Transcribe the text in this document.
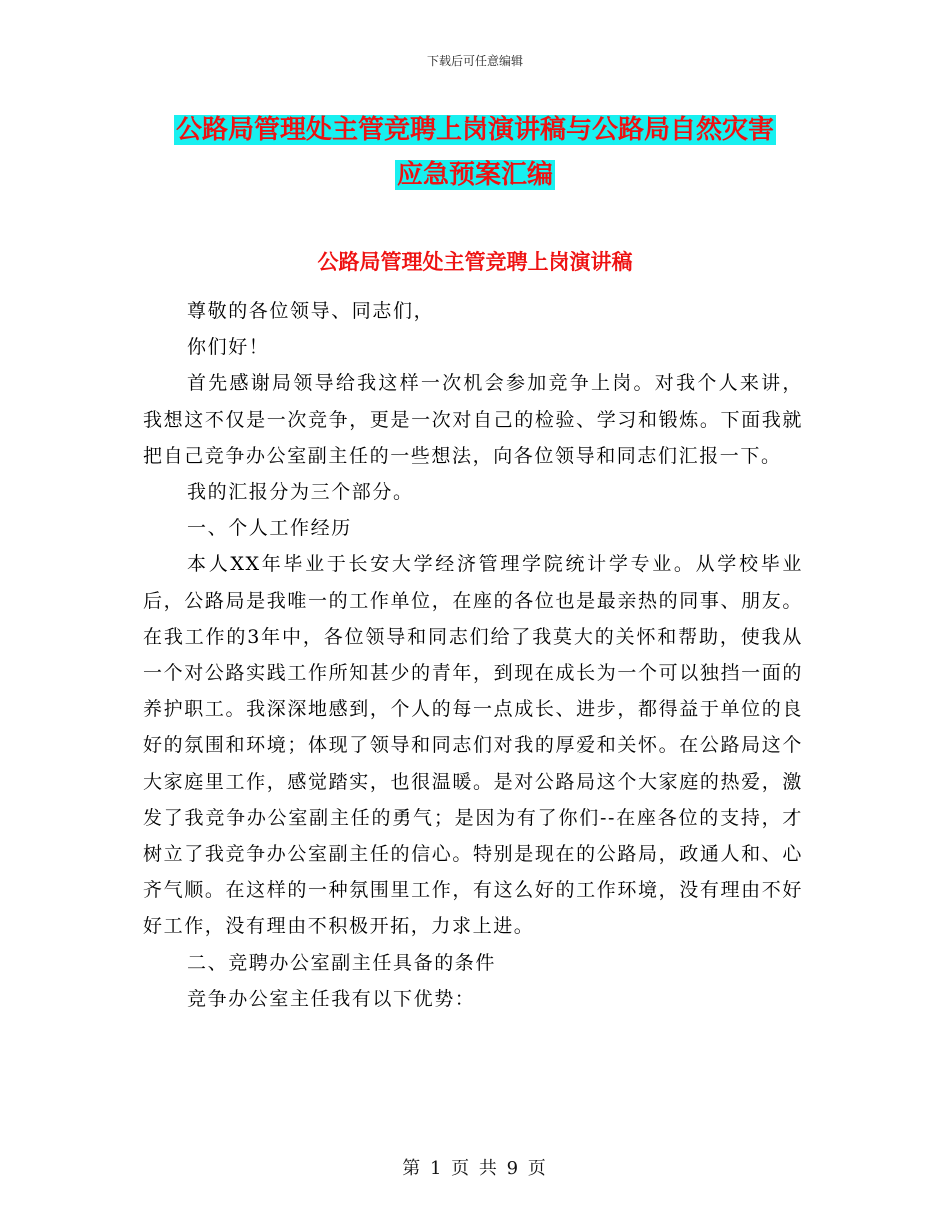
下载后可任意编辑
公路局管理处主管竞聘上岗演讲稿与公路局自然灾害
应急预案汇编
公路局管理处主管竞聘上岗演讲稿

尊敬的各位领导、同志们，

你们好！

首先感谢局领导给我这样一次机会参加竞争上岗。对我个人来讲，我想这不仅是一次竞争，更是一次对自己的检验、学习和锻炼。下面我就把自己竞争办公室副主任的一些想法，向各位领导和同志们汇报一下。

我的汇报分为三个部分。

一、个人工作经历

本人XX年毕业于长安大学经济管理学院统计学专业。从学校毕业后，公路局是我唯一的工作单位，在座的各位也是最亲热的同事、朋友。在我工作的3年中，各位领导和同志们给了我莫大的关怀和帮助，使我从一个对公路实践工作所知甚少的青年，到现在成长为一个可以独挡一面的养护职工。我深深地感到，个人的每一点成长、进步，都得益于单位的良好的氛围和环境；体现了领导和同志们对我的厚爱和关怀。在公路局这个大家庭里工作，感觉踏实，也很温暖。是对公路局这个大家庭的热爱，激发了我竞争办公室副主任的勇气；是因为有了你们--在座各位的支持，才树立了我竞争办公室副主任的信心。特别是现在的公路局，政通人和、心齐气顺。在这样的一种氛围里工作，有这么好的工作环境，没有理由不好好工作，没有理由不积极开拓，力求上进。

二、竞聘办公室副主任具备的条件

竞争办公室主任我有以下优势：

第 1 页 共 9 页
